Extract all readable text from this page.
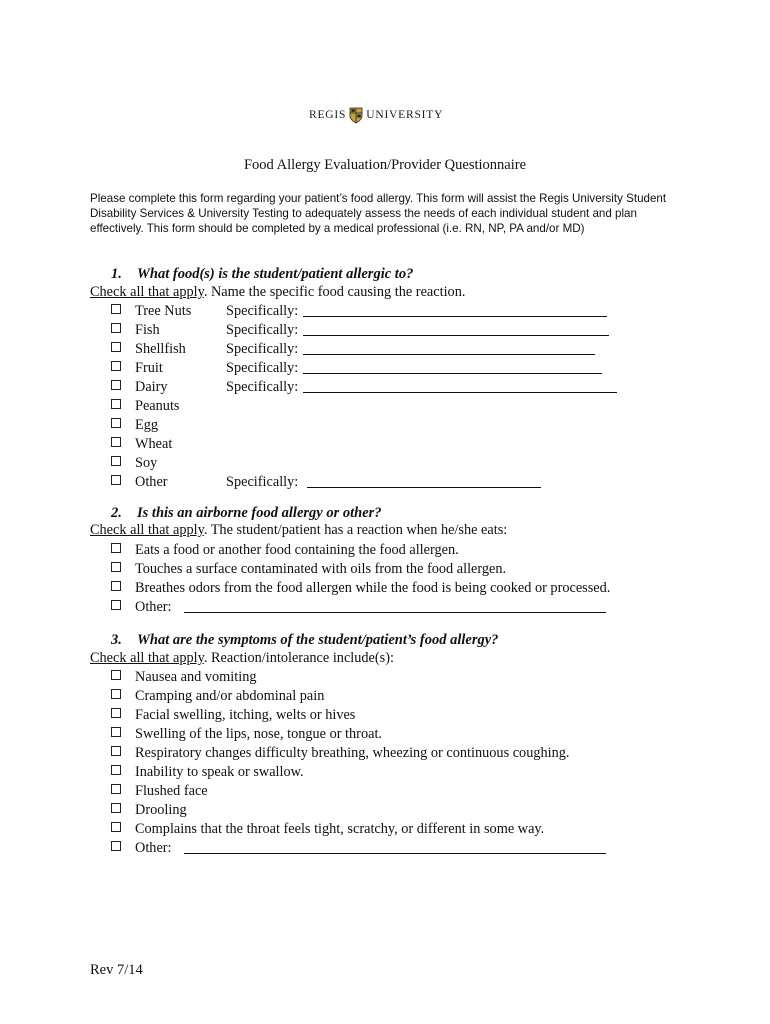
REGIS UNIVERSITY
Food Allergy Evaluation/Provider Questionnaire
Please complete this form regarding your patient’s food allergy. This form will assist the Regis University Student Disability Services & University Testing to adequately assess the needs of each individual student and plan effectively. This form should be completed by a medical professional (i.e. RN, NP, PA and/or MD)
1. What food(s) is the student/patient allergic to?
Check all that apply. Name the specific food causing the reaction.
Tree Nuts
Fish
Shellfish
Fruit
Dairy
Peanuts
Egg
Wheat
Soy
Other
Specifically:
Specifically:
Specifically:
Specifically:
Specifically:
Specifically:
2. Is this an airborne food allergy or other?
Check all that apply. The student/patient has a reaction when he/she eats:
Eats a food or another food containing the food allergen.
Touches a surface contaminated with oils from the food allergen.
Breathes odors from the food allergen while the food is being cooked or processed.
Other:
3. What are the symptoms of the student/patient’s food allergy?
Check all that apply. Reaction/intolerance include(s):
Nausea and vomiting
Cramping and/or abdominal pain
Facial swelling, itching, welts or hives
Swelling of the lips, nose, tongue or throat.
Respiratory changes difficulty breathing, wheezing or continuous coughing.
Inability to speak or swallow.
Flushed face
Drooling
Complains that the throat feels tight, scratchy, or different in some way.
Other:
Rev 7/14
